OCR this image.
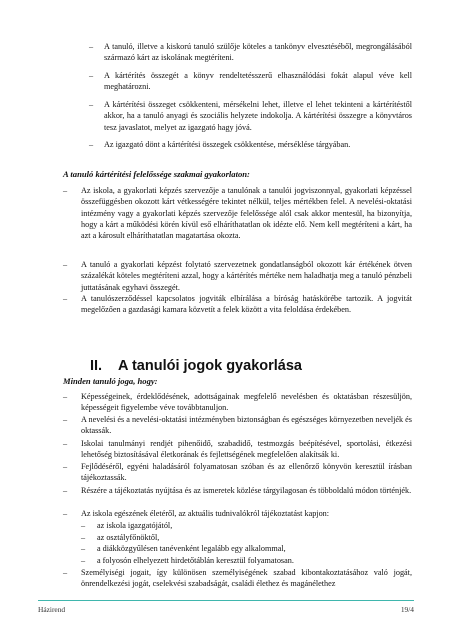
– A tanuló, illetve a kiskorú tanuló szülője köteles a tankönyv elvesztéséből, megrongálásából származó kárt az iskolának megtéríteni.
– A kártérítés összegét a könyv rendeltetésszerű elhasználódási fokát alapul véve kell meghatározni.
– A kártérítési összeget csökkenteni, mérsékelni lehet, illetve el lehet tekinteni a kártérítéstől akkor, ha a tanuló anyagi és szociális helyzete indokolja. A kártérítési összegre a könyvtáros tesz javaslatot, melyet az igazgató hagy jóvá.
– Az igazgató dönt a kártérítési összegek csökkentése, mérséklése tárgyában.
A tanuló kártérítési felelőssége szakmai gyakorlaton:
– Az iskola, a gyakorlati képzés szervezője a tanulónak a tanulói jogviszonnyal, gyakorlati képzéssel összefüggésben okozott kárt vétkességére tekintet nélkül, teljes mértékben felel. A nevelési-oktatási intézmény vagy a gyakorlati képzés szervezője felelőssége alól csak akkor mentesül, ha bizonyítja, hogy a kárt a működési körén kívül eső elháríthatatlan ok idézte elő. Nem kell megtéríteni a kárt, ha azt a károsult elháríthatatlan magatartása okozta.
– A tanuló a gyakorlati képzést folytató szervezetnek gondatlanságból okozott kár értékének ötven százalékát köteles megtéríteni azzal, hogy a kártérítés mértéke nem haladhatja meg a tanuló pénzbeli juttatásának egyhavi összegét.
– A tanulószerződéssel kapcsolatos jogviták elbírálása a bíróság hatáskörébe tartozik. A jogvitát megelőzően a gazdasági kamara közvetít a felek között a vita feloldása érdekében.
II. A tanulói jogok gyakorlása
Minden tanuló joga, hogy:
– Képességeinek, érdeklődésének, adottságainak megfelelő nevelésben és oktatásban részesüljön, képességeit figyelembe véve továbbtanuljon.
– A nevelési és a nevelési-oktatási intézményben biztonságban és egészséges környezetben neveljék és oktassák.
– Iskolai tanulmányi rendjét pihenőidő, szabadidő, testmozgás beépítésével, sportolási, étkezési lehetőség biztosításával életkorának és fejlettségének megfelelően alakítsák ki.
– Fejlődéséről, egyéni haladásáról folyamatosan szóban és az ellenőrző könyvön keresztül írásban tájékoztassák.
– Részére a tájékoztatás nyújtása és az ismeretek közlése tárgyilagosan és többoldalú módon történjék.
– Az iskola egészének életéről, az aktuális tudnivalókról tájékoztatást kapjon:
– az iskola igazgatójától,
– az osztályfőnöktől,
– a diákközgyűlésen tanévenként legalább egy alkalommal,
– a folyosón elhelyezett hirdetőtáblán keresztül folyamatosan.
– Személyiségi jogait, így különösen személyiségének szabad kibontakoztatásához való jogát, önrendelkezési jogát, cselekvési szabadságát, családi élethez és magánélethez
Házirend	19/4
